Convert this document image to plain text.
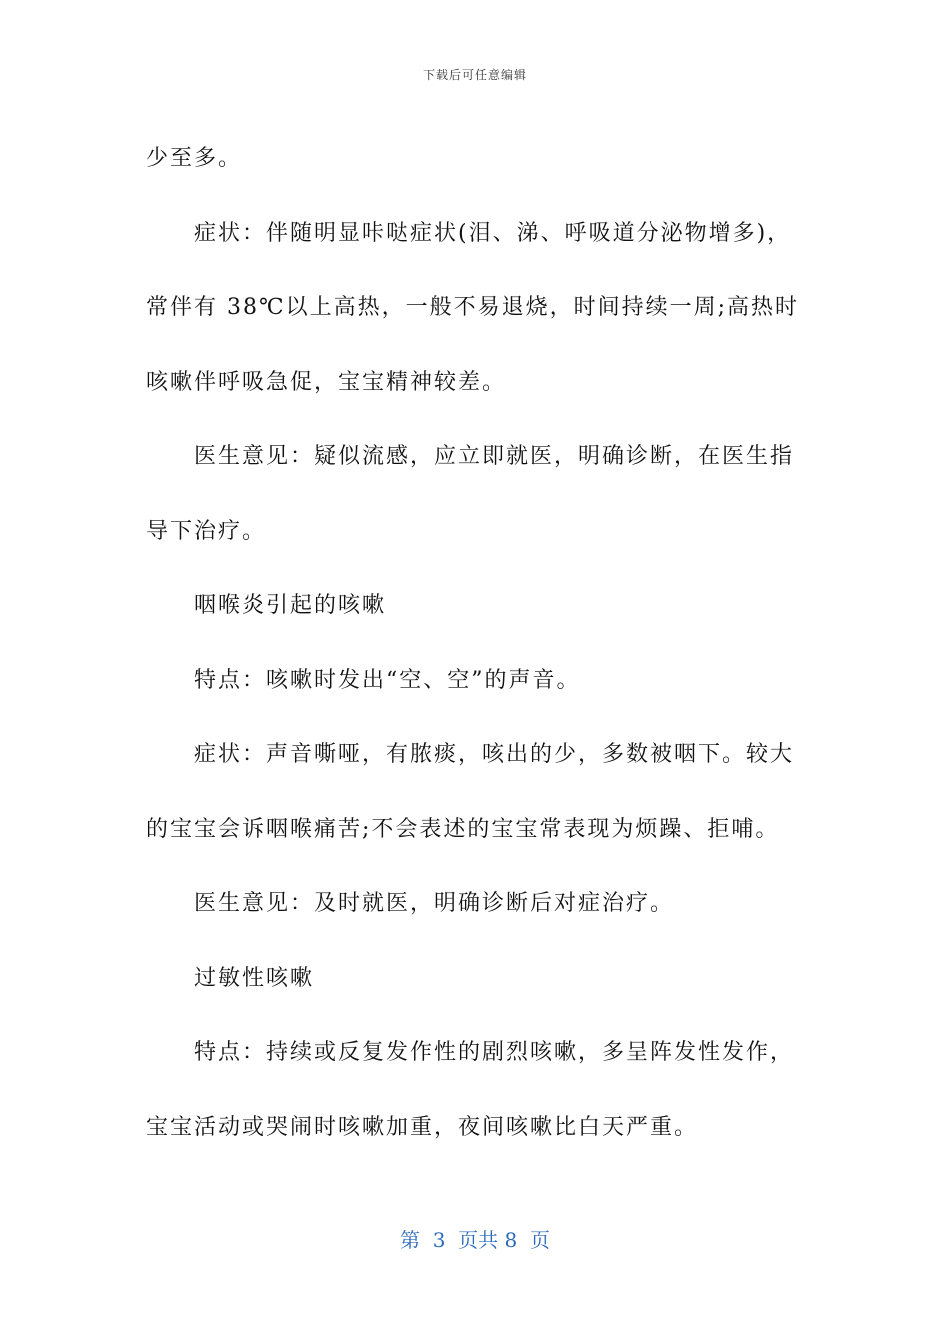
下载后可任意编辑
少至多。
症状：伴随明显咔哒症状(泪、涕、呼吸道分泌物增多)，
常伴有 38℃以上高热，一般不易退烧，时间持续一周;高热时
咳嗽伴呼吸急促，宝宝精神较差。
医生意见：疑似流感，应立即就医，明确诊断，在医生指
导下治疗。
咽喉炎引起的咳嗽
特点：咳嗽时发出“空、空”的声音。
症状：声音嘶哑，有脓痰，咳出的少，多数被咽下。较大
的宝宝会诉咽喉痛苦;不会表述的宝宝常表现为烦躁、拒哺。
医生意见：及时就医，明确诊断后对症治疗。
过敏性咳嗽
特点：持续或反复发作性的剧烈咳嗽，多呈阵发性发作，
宝宝活动或哭闹时咳嗽加重，夜间咳嗽比白天严重。
第  3  页共 8  页
